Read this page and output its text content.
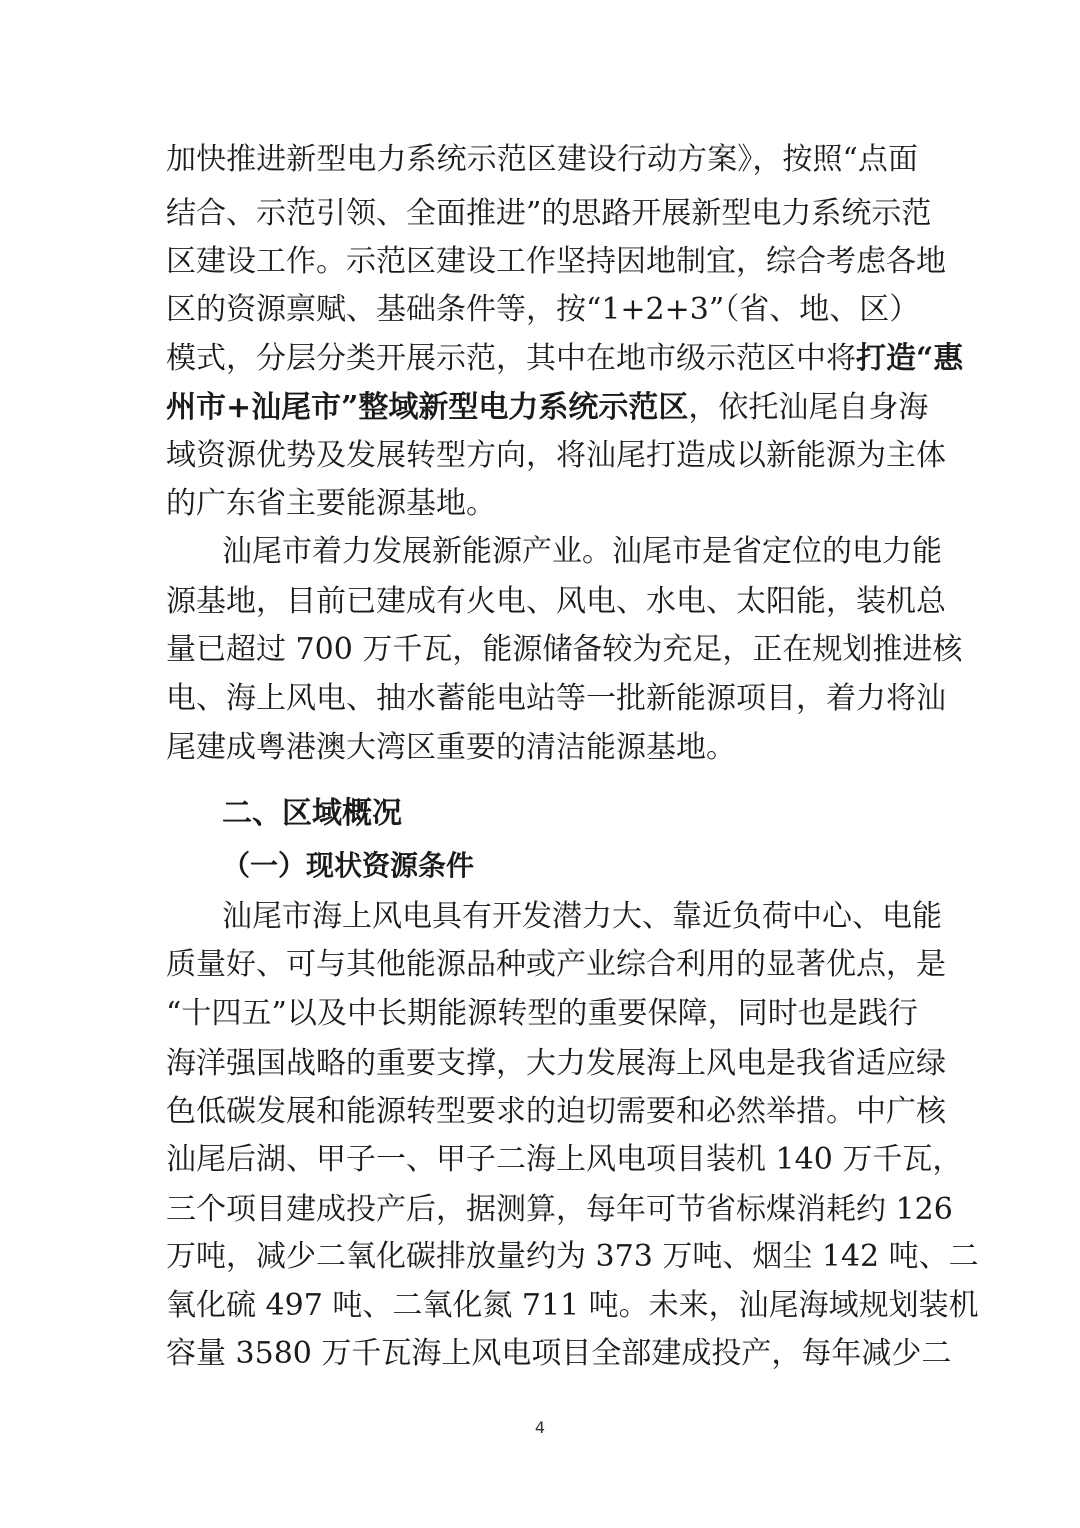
加快推进新型电力系统示范区建设行动方案》，按照“点面
结合、示范引领、全面推进”的思路开展新型电力系统示范
区建设工作。示范区建设工作坚持因地制宜，综合考虑各地
区的资源禀赋、基础条件等，按“1+2+3”（省、地、区）
模式，分层分类开展示范，其中在地市级示范区中将打造“惠
州市+汕尾市”整域新型电力系统示范区，依托汕尾自身海
域资源优势及发展转型方向，将汕尾打造成以新能源为主体
的广东省主要能源基地。
汕尾市着力发展新能源产业。汕尾市是省定位的电力能
源基地，目前已建成有火电、风电、水电、太阳能，装机总
量已超过 700 万千瓦，能源储备较为充足，正在规划推进核
电、海上风电、抽水蓄能电站等一批新能源项目，着力将汕
尾建成粤港澳大湾区重要的清洁能源基地。
二、区域概况
（一）现状资源条件
汕尾市海上风电具有开发潜力大、靠近负荷中心、电能
质量好、可与其他能源品种或产业综合利用的显著优点，是
“十四五”以及中长期能源转型的重要保障，同时也是践行
海洋强国战略的重要支撑，大力发展海上风电是我省适应绿
色低碳发展和能源转型要求的迫切需要和必然举措。中广核
汕尾后湖、甲子一、甲子二海上风电项目装机 140 万千瓦，
三个项目建成投产后，据测算，每年可节省标煤消耗约 126
万吨，减少二氧化碳排放量约为 373 万吨、烟尘 142 吨、二
氧化硫 497 吨、二氧化氮 711 吨。未来，汕尾海域规划装机
容量 3580 万千瓦海上风电项目全部建成投产，每年减少二
4
